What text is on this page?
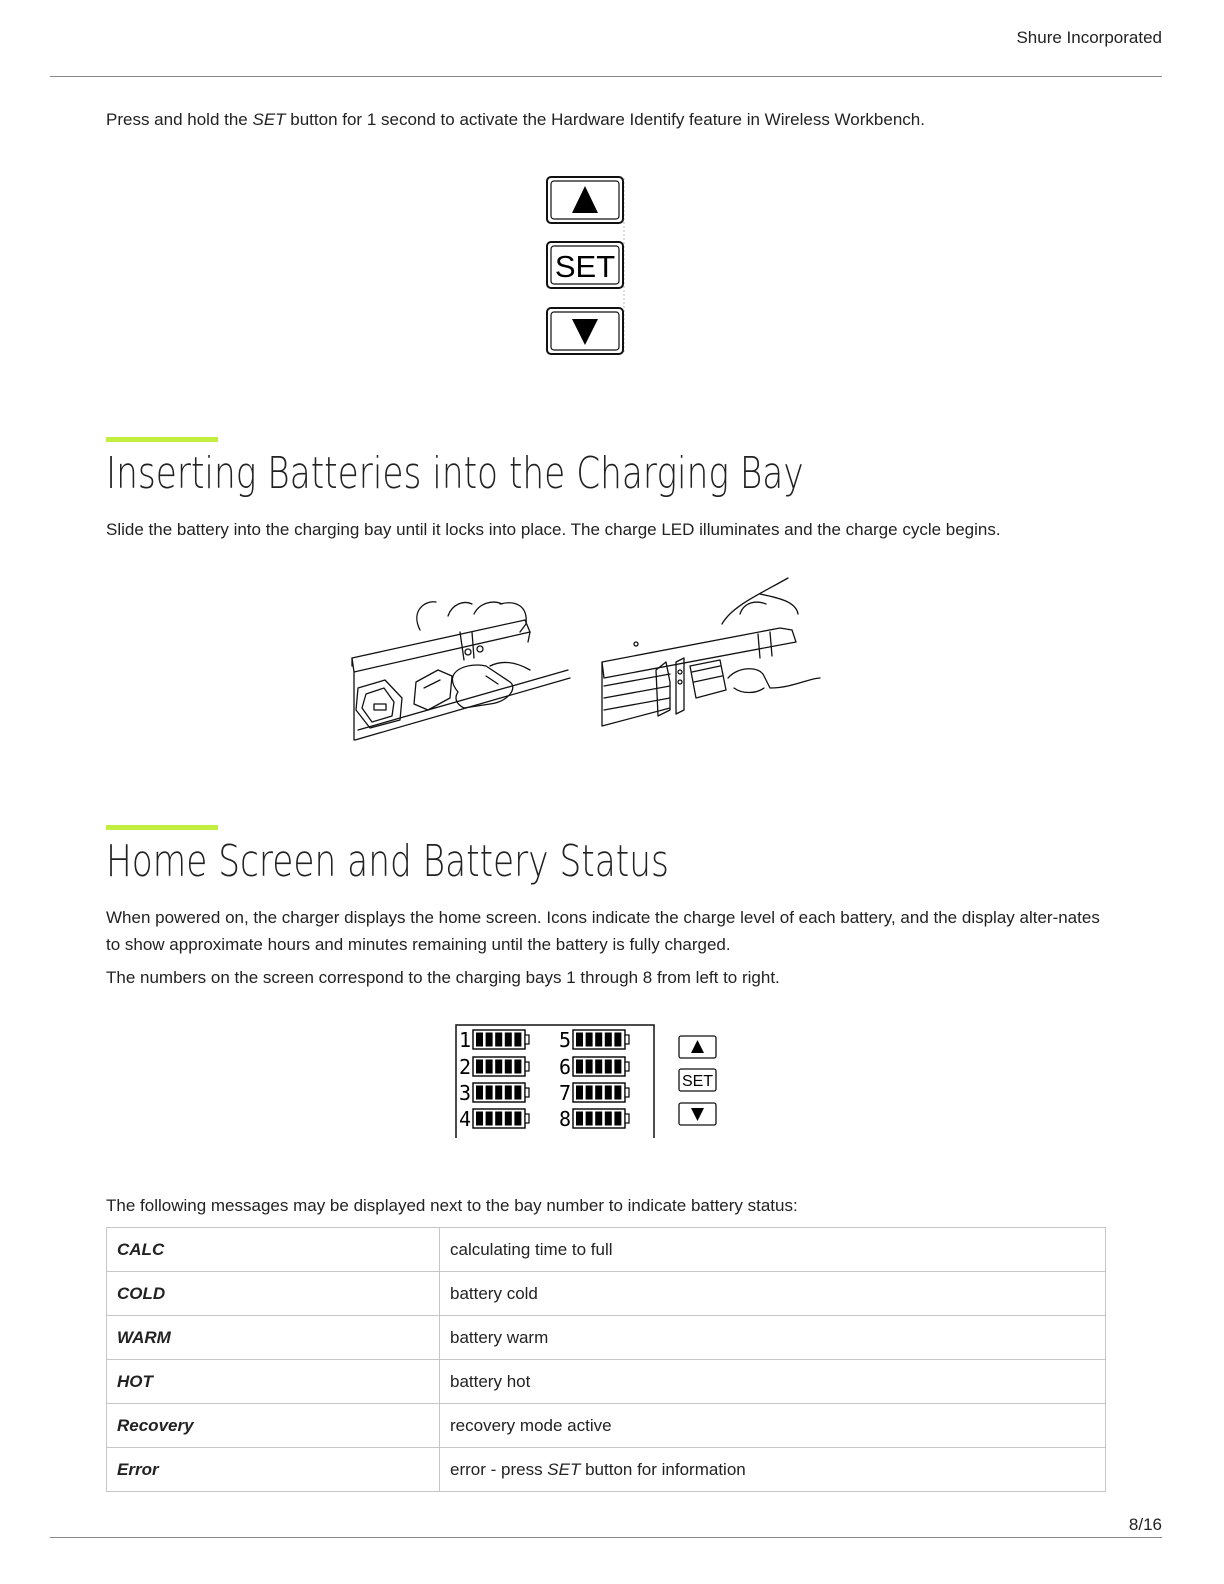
Shure Incorporated

Press and hold the SET button for 1 second to activate the Hardware Identify feature in Wireless Workbench.

SET
Inserting Batteries into the Charging Bay

Slide the battery into the charging bay until it locks into place. The charge LED illuminates and the charge cycle begins.

Home Screen and Battery Status

When powered on, the charger displays the home screen. Icons indicate the charge level of each battery, and the display alter-nates to show approximate hours and minutes remaining until the battery is fully charged.

The numbers on the screen correspond to the charging bays 1 through 8 from left to right.

1
2
3
4
5
6
7
8
SET

The following messages may be displayed next to the bay number to indicate battery status:

CALC	calculating time to full
COLD	battery cold
WARM	battery warm
HOT	battery hot
Recovery	recovery mode active
Error	error - press SET button for information
8/16
